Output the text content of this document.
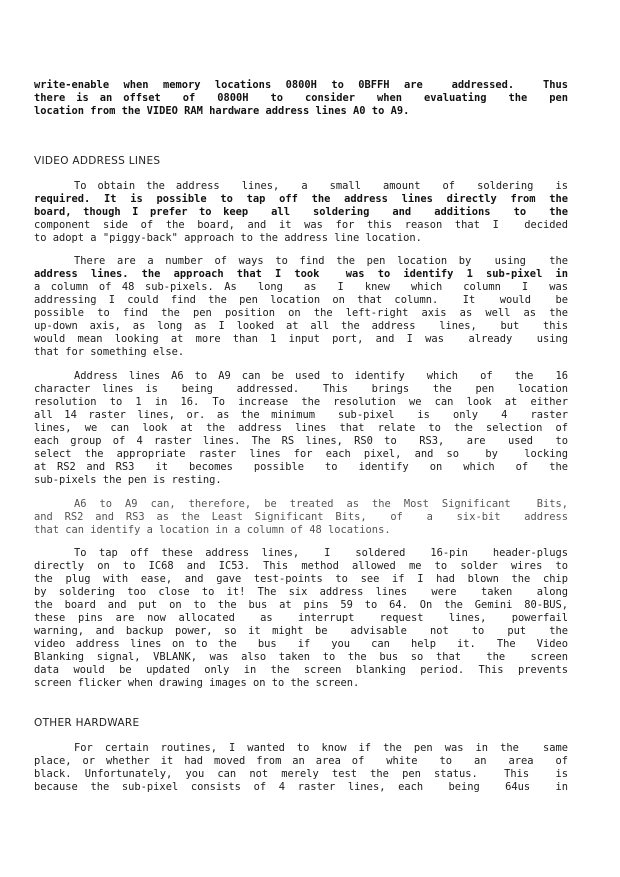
write-enable when memory locations 0800H to 0BFFH are  addressed.  Thus
there is an offset  of  0800H  to  consider  when  evaluating  the  pen
location from the VIDEO RAM hardware address lines A0 to A9.
VIDEO ADDRESS LINES
To obtain the address  lines,  a  small  amount  of  soldering  is
required. It is possible to tap off the address lines directly from the
board, though I prefer to keep  all  soldering  and  additions  to  the
component side of the board, and it was for this reason that I  decided
to adopt a "piggy-back" approach to the address line location.
There are a number of ways to find the pen location by  using  the
address lines. the approach that I took  was to identify 1 sub-pixel in
a column of 48 sub-pixels. As  long  as  I  knew  which  column  I  was
addressing I could find the pen location on that column.  It  would  be
possible to find the pen position on the left-right axis as well as the
up-down axis, as long as I looked at all the address  lines,  but  this
would mean looking at more than 1 input port, and I was  already  using
that for something else.
Address lines A6 to A9 can be used to identify  which  of  the  16
character lines is  being  addressed.  This  brings  the  pen  location
resolution to 1 in 16. To increase the resolution we can look at either
all 14 raster lines, or. as the minimum  sub-pixel  is  only  4  raster
lines, we can look at the address lines that relate to the selection of
each group of 4 raster lines. The RS lines, RS0 to  RS3,  are  used  to
select the appropriate raster lines for each pixel, and so  by  locking
at RS2 and RS3  it  becomes  possible  to  identify  on  which  of  the
sub-pixels the pen is resting.
A6 to A9 can, therefore, be treated as the Most Significant  Bits,
and RS2 and RS3 as the Least Significant Bits,  of  a  six-bit  address
that can identify a location in a column of 48 locations.
To tap off these address lines,  I  soldered  16-pin  header-plugs
directly on to IC68 and IC53. This method allowed me to solder wires to
the plug with ease, and gave test-points to see if I had blown the chip
by soldering too close to it! The six address lines  were  taken  along
the board and put on to the bus at pins 59 to 64. On the Gemini 80-BUS,
these pins are now allocated  as  interrupt  request  lines,  powerfail
warning, and backup power, so it might be  advisable  not  to  put  the
video address lines on to the  bus  if  you  can  help  it.  The  Video
Blanking signal, VBLANK, was also taken to the bus so that  the  screen
data would be updated only in the screen blanking period. This prevents
screen flicker when drawing images on to the screen.
OTHER HARDWARE
For certain routines, I wanted to know if the pen was in the  same
place, or whether it had moved from an area of  white  to  an  area  of
black. Unfortunately, you can not merely test the pen status.  This  is
because the sub-pixel consists of 4 raster lines, each  being  64us  in
